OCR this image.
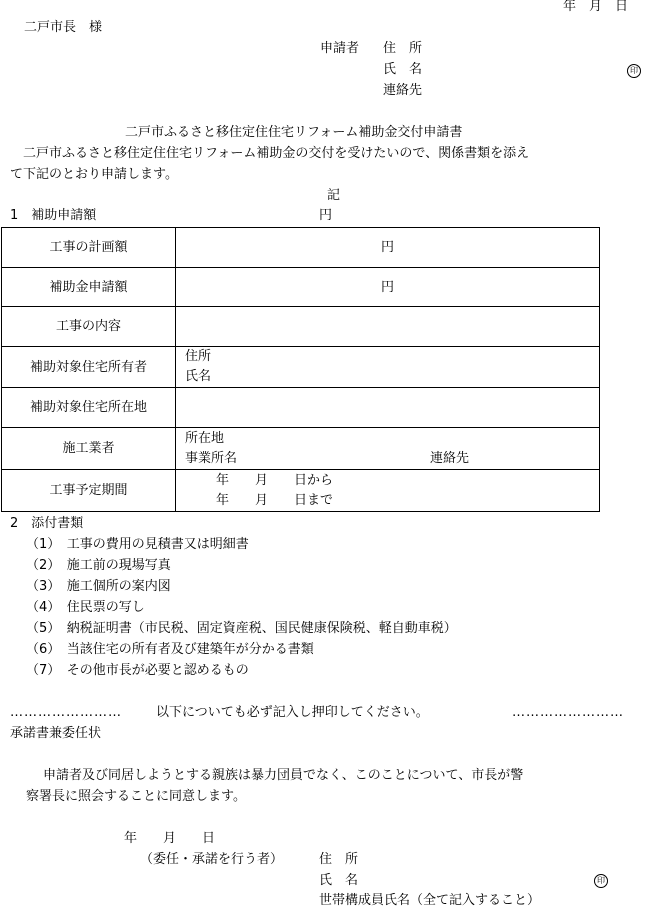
年　月　日
二戸市長　様
申請者 住　所
氏　名	印
連絡先
二戸市ふるさと移住定住住宅リフォーム補助金交付申請書
二戸市ふるさと移住定住住宅リフォーム補助金の交付を受けたいので、関係書類を添え
て下記のとおり申請します。
記
1　補助申請額	円
工事の計画額	円
補助金申請額	円
工事の内容	
補助対象住宅所有者	住所
氏名

補助対象住宅所在地	
施工業者	所在地
事業所名 連絡先

工事予定期間	年　　月　　日から
年　　月　　日まで
2　添付書類
（1）　工事の費用の見積書又は明細書
（2）　施工前の現場写真
（3）　施工個所の案内図
（4）　住民票の写し
（5）　納税証明書（市民税、固定資産税、国民健康保険税、軽自動車税）
（6）　当該住宅の所有者及び建築年が分かる書類
（7）　その他市長が必要と認めるもの
……………………	以下についても必ず記入し押印してください。	……………………
承諾書兼委任状
申請者及び同居しようとする親族は暴力団員でなく、このことについて、市長が警
察署長に照会することに同意します。
年　　月　　日
（委任・承諾を行う者）	住　所
氏　名	印
世帯構成員氏名（全て記入すること）
